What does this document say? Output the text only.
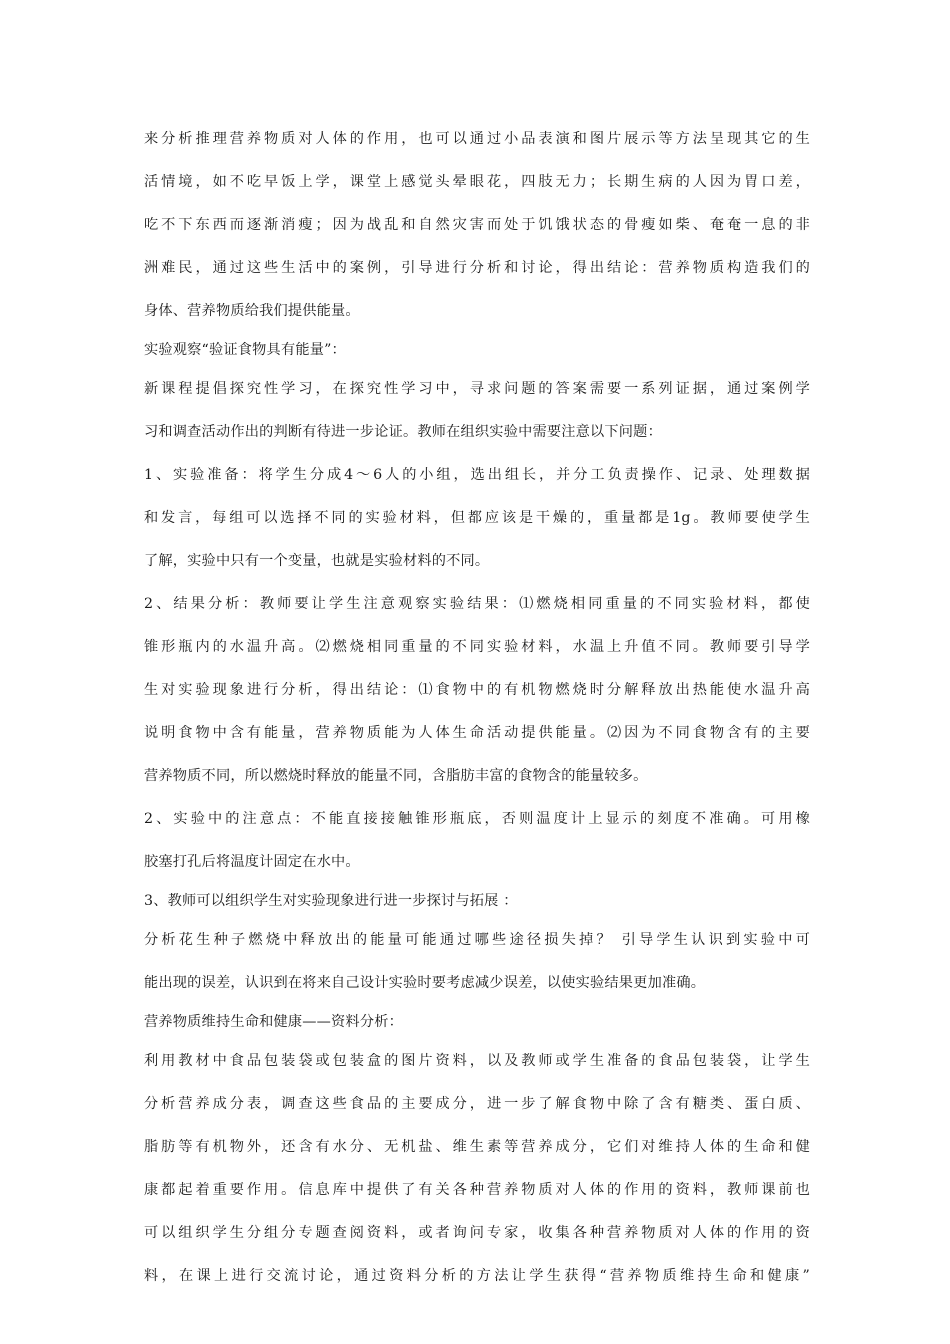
来分析推理营养物质对人体的作用，也可以通过小品表演和图片展示等方法呈现其它的生
活情境，如不吃早饭上学，课堂上感觉头晕眼花，四肢无力；长期生病的人因为胃口差，
吃不下东西而逐渐消瘦；因为战乱和自然灾害而处于饥饿状态的骨瘦如柴、奄奄一息的非
洲难民，通过这些生活中的案例，引导进行分析和讨论，得出结论：营养物质构造我们的
身体、营养物质给我们提供能量。
实验观察“验证食物具有能量”：
新课程提倡探究性学习，在探究性学习中，寻求问题的答案需要一系列证据，通过案例学
习和调查活动作出的判断有待进一步论证。教师在组织实验中需要注意以下问题：
1、实验准备：将学生分成4～6人的小组，选出组长，并分工负责操作、记录、处理数据
和发言，每组可以选择不同的实验材料，但都应该是干燥的，重量都是1g。教师要使学生
了解，实验中只有一个变量，也就是实验材料的不同。
2、结果分析：教师要让学生注意观察实验结果：⑴燃烧相同重量的不同实验材料，都使
锥形瓶内的水温升高。⑵燃烧相同重量的不同实验材料，水温上升值不同。教师要引导学
生对实验现象进行分析，得出结论：⑴食物中的有机物燃烧时分解释放出热能使水温升高
说明食物中含有能量，营养物质能为人体生命活动提供能量。⑵因为不同食物含有的主要
营养物质不同，所以燃烧时释放的能量不同，含脂肪丰富的食物含的能量较多。
2、实验中的注意点：不能直接接触锥形瓶底，否则温度计上显示的刻度不准确。可用橡
胶塞打孔后将温度计固定在水中。
3、教师可以组织学生对实验现象进行进一步探讨与拓展 ：
分析花生种子燃烧中释放出的能量可能通过哪些途径损失掉？ 引导学生认识到实验中可
能出现的误差，认识到在将来自己设计实验时要考虑减少误差，以使实验结果更加准确。
营养物质维持生命和健康——资料分析：
利用教材中食品包装袋或包装盒的图片资料，以及教师或学生准备的食品包装袋，让学生
分析营养成分表，调查这些食品的主要成分，进一步了解食物中除了含有糖类、蛋白质、
脂肪等有机物外，还含有水分、无机盐、维生素等营养成分，它们对维持人体的生命和健
康都起着重要作用。信息库中提供了有关各种营养物质对人体的作用的资料，教师课前也
可以组织学生分组分专题查阅资料，或者询问专家，收集各种营养物质对人体的作用的资
料，在课上进行交流讨论，通过资料分析的方法让学生获得“营养物质维持生命和健康”
